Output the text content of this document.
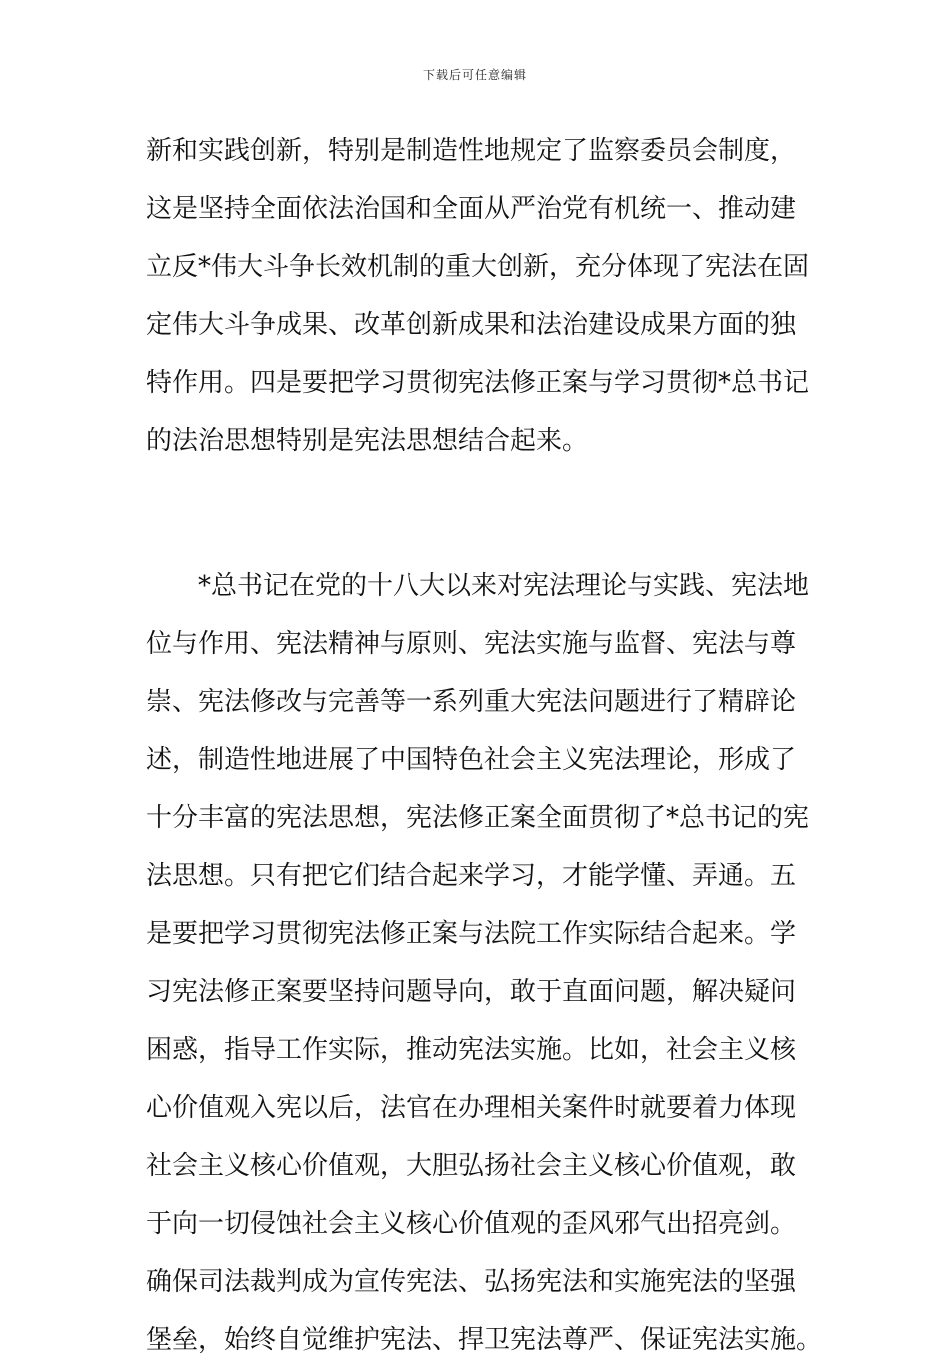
下载后可任意编辑
新和实践创新，特别是制造性地规定了监察委员会制度，
这是坚持全面依法治国和全面从严治党有机统一、推动建
立反*伟大斗争长效机制的重大创新，充分体现了宪法在固
定伟大斗争成果、改革创新成果和法治建设成果方面的独
特作用。四是要把学习贯彻宪法修正案与学习贯彻*总书记
的法治思想特别是宪法思想结合起来。
*总书记在党的十八大以来对宪法理论与实践、宪法地
位与作用、宪法精神与原则、宪法实施与监督、宪法与尊
崇、宪法修改与完善等一系列重大宪法问题进行了精辟论
述，制造性地进展了中国特色社会主义宪法理论，形成了
十分丰富的宪法思想，宪法修正案全面贯彻了*总书记的宪
法思想。只有把它们结合起来学习，才能学懂、弄通。五
是要把学习贯彻宪法修正案与法院工作实际结合起来。学
习宪法修正案要坚持问题导向，敢于直面问题，解决疑问
困惑，指导工作实际，推动宪法实施。比如，社会主义核
心价值观入宪以后，法官在办理相关案件时就要着力体现
社会主义核心价值观，大胆弘扬社会主义核心价值观，敢
于向一切侵蚀社会主义核心价值观的歪风邪气出招亮剑。
确保司法裁判成为宣传宪法、弘扬宪法和实施宪法的坚强
堡垒，始终自觉维护宪法、捍卫宪法尊严、保证宪法实施。
